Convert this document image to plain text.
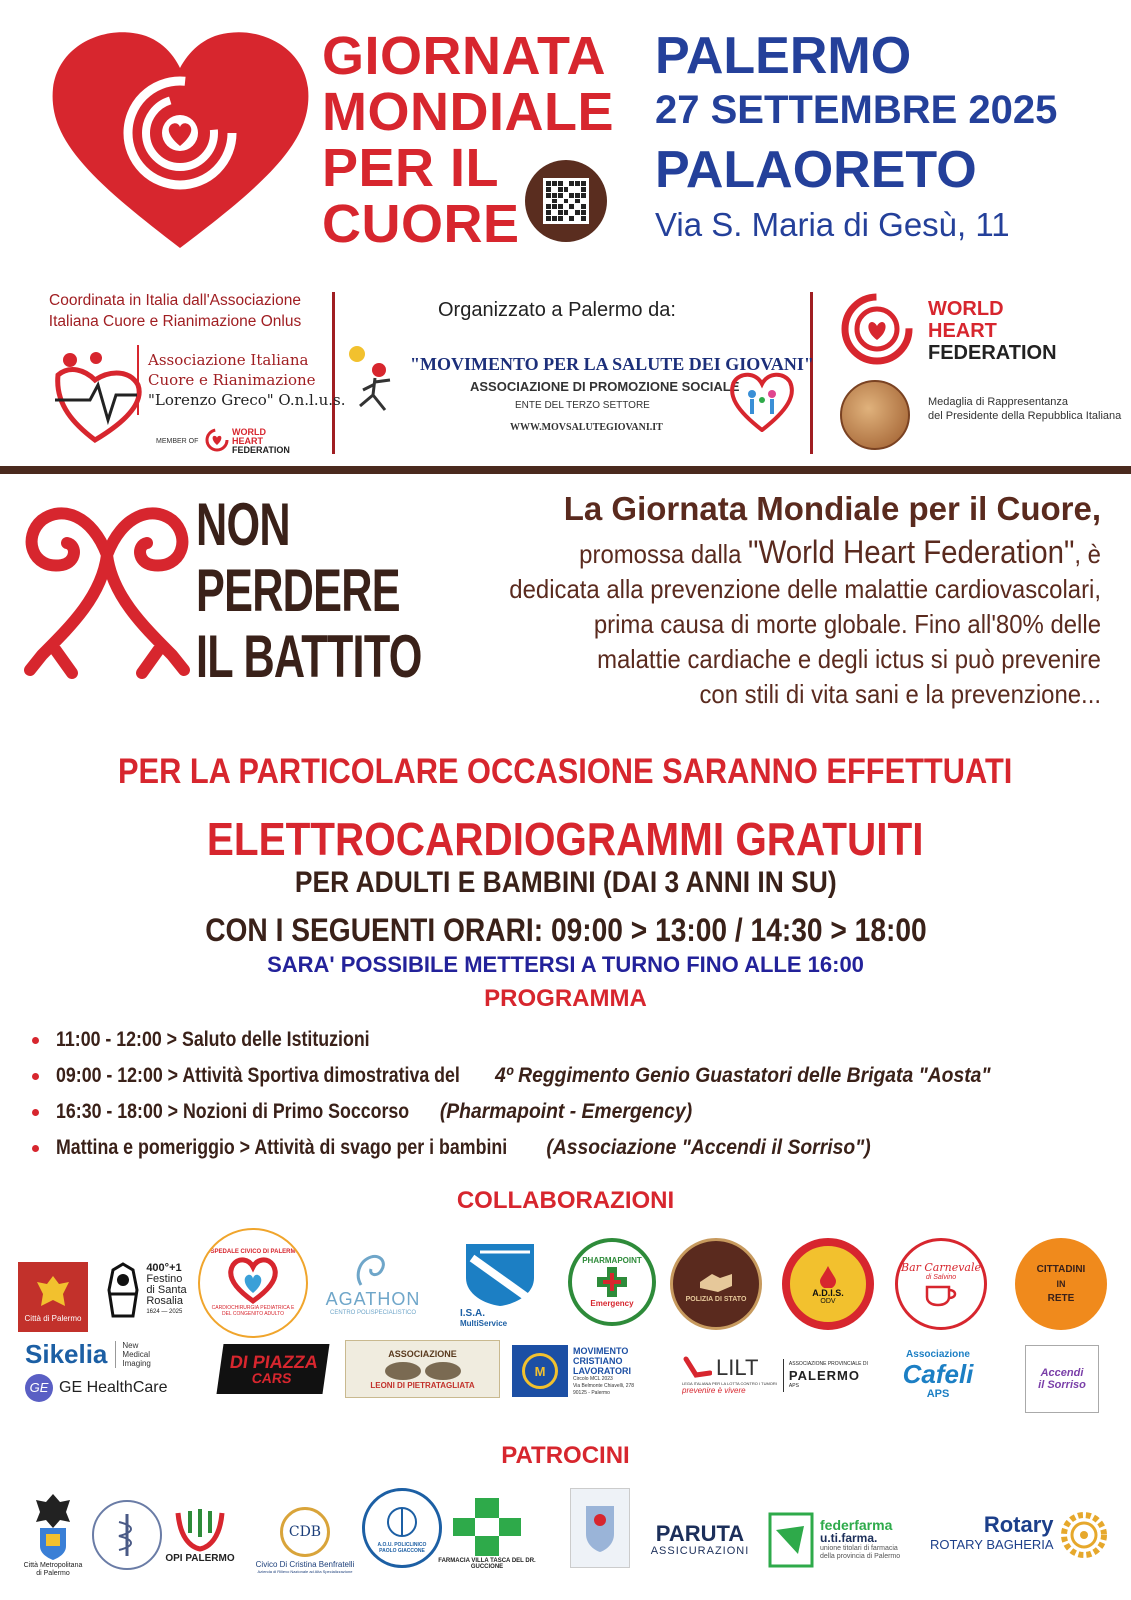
GIORNATA
MONDIALE
PER IL
CUORE
PALERMO
27 SETTEMBRE 2025
PALAORETO
Via S. Maria di Gesù, 11
Coordinata in Italia dall'Associazione
Italiana Cuore e Rianimazione Onlus
Associazione Italiana
Cuore e Rianimazione
"Lorenzo Greco" O.n.l.u.s.
MEMBER OF
WORLD
HEART
FEDERATION
Organizzato a Palermo da:
"MOVIMENTO PER LA SALUTE DEI GIOVANI"
ASSOCIAZIONE DI PROMOZIONE SOCIALE
ENTE DEL TERZO SETTORE
WWW.MOVSALUTEGIOVANI.IT
WORLD
HEART
FEDERATION
Medaglia di Rappresentanza
del Presidente della Repubblica Italiana
NON
PERDERE
IL BATTITO
La Giornata Mondiale per il Cuore,
promossa dalla "World Heart Federation", è
dedicata alla prevenzione delle malattie cardiovascolari,
prima causa di morte globale. Fino all'80% delle
malattie cardiache e degli ictus si può prevenire
con stili di vita sani e la prevenzione...
PER LA PARTICOLARE OCCASIONE SARANNO EFFETTUATI
ELETTROCARDIOGRAMMI GRATUITI
PER ADULTI E BAMBINI (DAI 3 ANNI IN SU)
CON I SEGUENTI ORARI: 09:00 > 13:00 / 14:30 > 18:00
SARA' POSSIBILE METTERSI A TURNO FINO ALLE 16:00
PROGRAMMA
11:00 - 12:00 > Saluto delle Istituzioni
09:00 - 12:00 > Attività Sportiva dimostrativa del4º Reggimento Genio Guastatori delle Brigata "Aosta"
16:30 - 18:00 > Nozioni di Primo Soccorso(Pharmapoint - Emergency)
Mattina e pomeriggio > Attività di svago per i bambini(Associazione "Accendi il Sorriso")
COLLABORAZIONI
Città di Palermo
400°+1
Festino
di Santa
Rosalia
1624 — 2025
OSPEDALE CIVICO DI PALERMO
CARDIOCHIRURGIA PEDIATRICA E DEL CONGENITO ADULTO
AGATHON
CENTRO POLISPECIALISTICO	I.S.A.
MultiService
PHARMAPOINT
Emergency	POLIZIA DI STATO
A.D.I.S.
ODV
Bar Carnevale
di Salvino
CITTADINI
IN
RETE
Sikelia New
Medical
Imaging
GE GE HealthCare
DI PIAZZA
CARS
ASSOCIAZIONE
LEONI DI PIETRATAGLIATA
M
MOVIMENTO
CRISTIANO
LAVORATORI
Circolo MCL 2023
Via Belmonte Chiavelli, 278
90125 - Palermo
LILT
LEGA ITALIANA PER LA LOTTA CONTRO I TUMORI
prevenire è vivere
ASSOCIAZIONE PROVINCIALE DI
PALERMO
APS
Associazione
Cafeli
APS
Accendi
il Sorriso
PATROCINI
Città Metropolitana
di Palermo
OPI PALERMO
CDB
Civico Di Cristina Benfratelli
Azienda di Rilievo Nazionale ad Alta Specializzazione
A.O.U. POLICLINICO PAOLO GIACCONE
FARMACIA VILLA TASCA DEL DR. GUCCIONE
PARUTA
ASSICURAZIONI
federfarma
u.ti.farma.
unione titolari di farmacia
della provincia di Palermo
Rotary
ROTARY BAGHERIA
